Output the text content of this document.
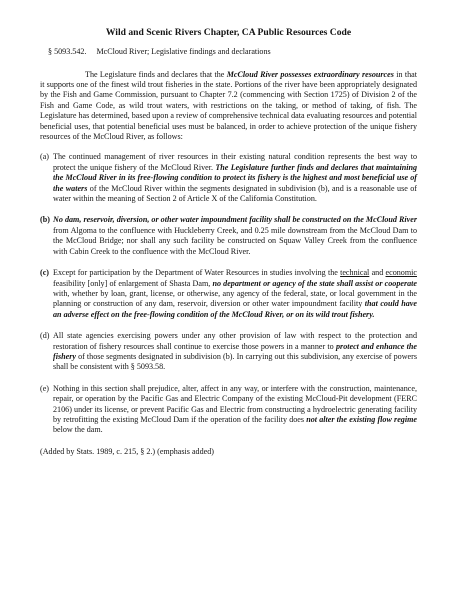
Wild and Scenic Rivers Chapter, CA Public Resources Code
§ 5093.542. McCloud River; Legislative findings and declarations

The Legislature finds and declares that the McCloud River possesses extraordinary resources in that it supports one of the finest wild trout fisheries in the state. Portions of the river have been appropriately designated by the Fish and Game Commission, pursuant to Chapter 7.2 (commencing with Section 1725) of Division 2 of the Fish and Game Code, as wild trout waters, with restrictions on the taking, or method of taking, of fish. The Legislature has determined, based upon a review of comprehensive technical data evaluating resources and potential beneficial uses, that potential beneficial uses must be balanced, in order to achieve protection of the unique fishery resources of the McCloud River, as follows:

(a) The continued management of river resources in their existing natural condition represents the best way to protect the unique fishery of the McCloud River. The Legislature further finds and declares that maintaining the McCloud River in its free-flowing condition to protect its fishery is the highest and most beneficial use of the waters of the McCloud River within the segments designated in subdivision (b), and is a reasonable use of water within the meaning of Section 2 of Article X of the California Constitution.

(b) No dam, reservoir, diversion, or other water impoundment facility shall be constructed on the McCloud River from Algoma to the confluence with Huckleberry Creek, and 0.25 mile downstream from the McCloud Dam to the McCloud Bridge; nor shall any such facility be constructed on Squaw Valley Creek from the confluence with Cabin Creek to the confluence with the McCloud River.

(c) Except for participation by the Department of Water Resources in studies involving the technical and economic feasibility [only] of enlargement of Shasta Dam, no department or agency of the state shall assist or cooperate with, whether by loan, grant, license, or otherwise, any agency of the federal, state, or local government in the planning or construction of any dam, reservoir, diversion or other water impoundment facility that could have an adverse effect on the free-flowing condition of the McCloud River, or on its wild trout fishery.

(d) All state agencies exercising powers under any other provision of law with respect to the protection and restoration of fishery resources shall continue to exercise those powers in a manner to protect and enhance the fishery of those segments designated in subdivision (b). In carrying out this subdivision, any exercise of powers shall be consistent with § 5093.58.

(e) Nothing in this section shall prejudice, alter, affect in any way, or interfere with the construction, maintenance, repair, or operation by the Pacific Gas and Electric Company of the existing McCloud-Pit development (FERC 2106) under its license, or prevent Pacific Gas and Electric from constructing a hydroelectric generating facility by retrofitting the existing McCloud Dam if the operation of the facility does not alter the existing flow regime below the dam.

(Added by Stats. 1989, c. 215, § 2.) (emphasis added)
